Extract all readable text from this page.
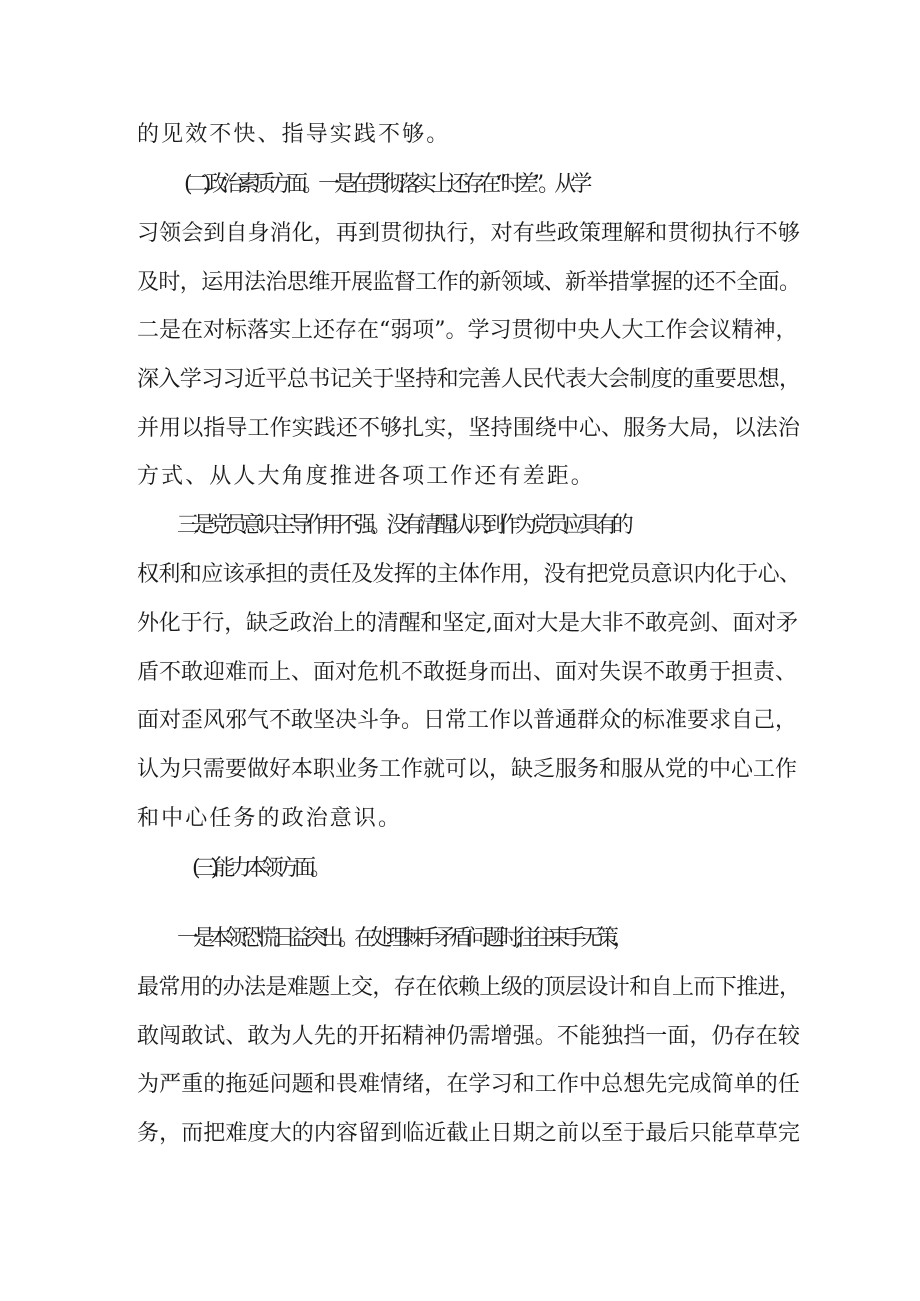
的见效不快、指导实践不够。

(二)政治素质方面。一是在贯彻落实上还存在“时差”。从学

习领会到自身消化，再到贯彻执行，对有些政策理解和贯彻执行不够

及时，运用法治思维开展监督工作的新领域、新举措掌握的还不全面。

二是在对标落实上还存在“弱项”。学习贯彻中央人大工作会议精神，

深入学习习近平总书记关于坚持和完善人民代表大会制度的重要思想，

并用以指导工作实践还不够扎实，坚持围绕中心、服务大局，以法治

方式、从人大角度推进各项工作还有差距。

三是党员意识主导作用不强。没有清醒认识到作为党员应具有的

权利和应该承担的责任及发挥的主体作用，没有把党员意识内化于心、

外化于行，缺乏政治上的清醒和坚定,面对大是大非不敢亮剑、面对矛

盾不敢迎难而上、面对危机不敢挺身而出、面对失误不敢勇于担责、

面对歪风邪气不敢坚决斗争。日常工作以普通群众的标准要求自己，

认为只需要做好本职业务工作就可以，缺乏服务和服从党的中心工作

和中心任务的政治意识。

(三)能力本领方面。

一是本领恐慌日益突出。在处理棘手矛盾问题时,往往束手无策，

最常用的办法是难题上交，存在依赖上级的顶层设计和自上而下推进，

敢闯敢试、敢为人先的开拓精神仍需增强。不能独挡一面，仍存在较

为严重的拖延问题和畏难情绪，在学习和工作中总想先完成简单的任

务，而把难度大的内容留到临近截止日期之前以至于最后只能草草完
